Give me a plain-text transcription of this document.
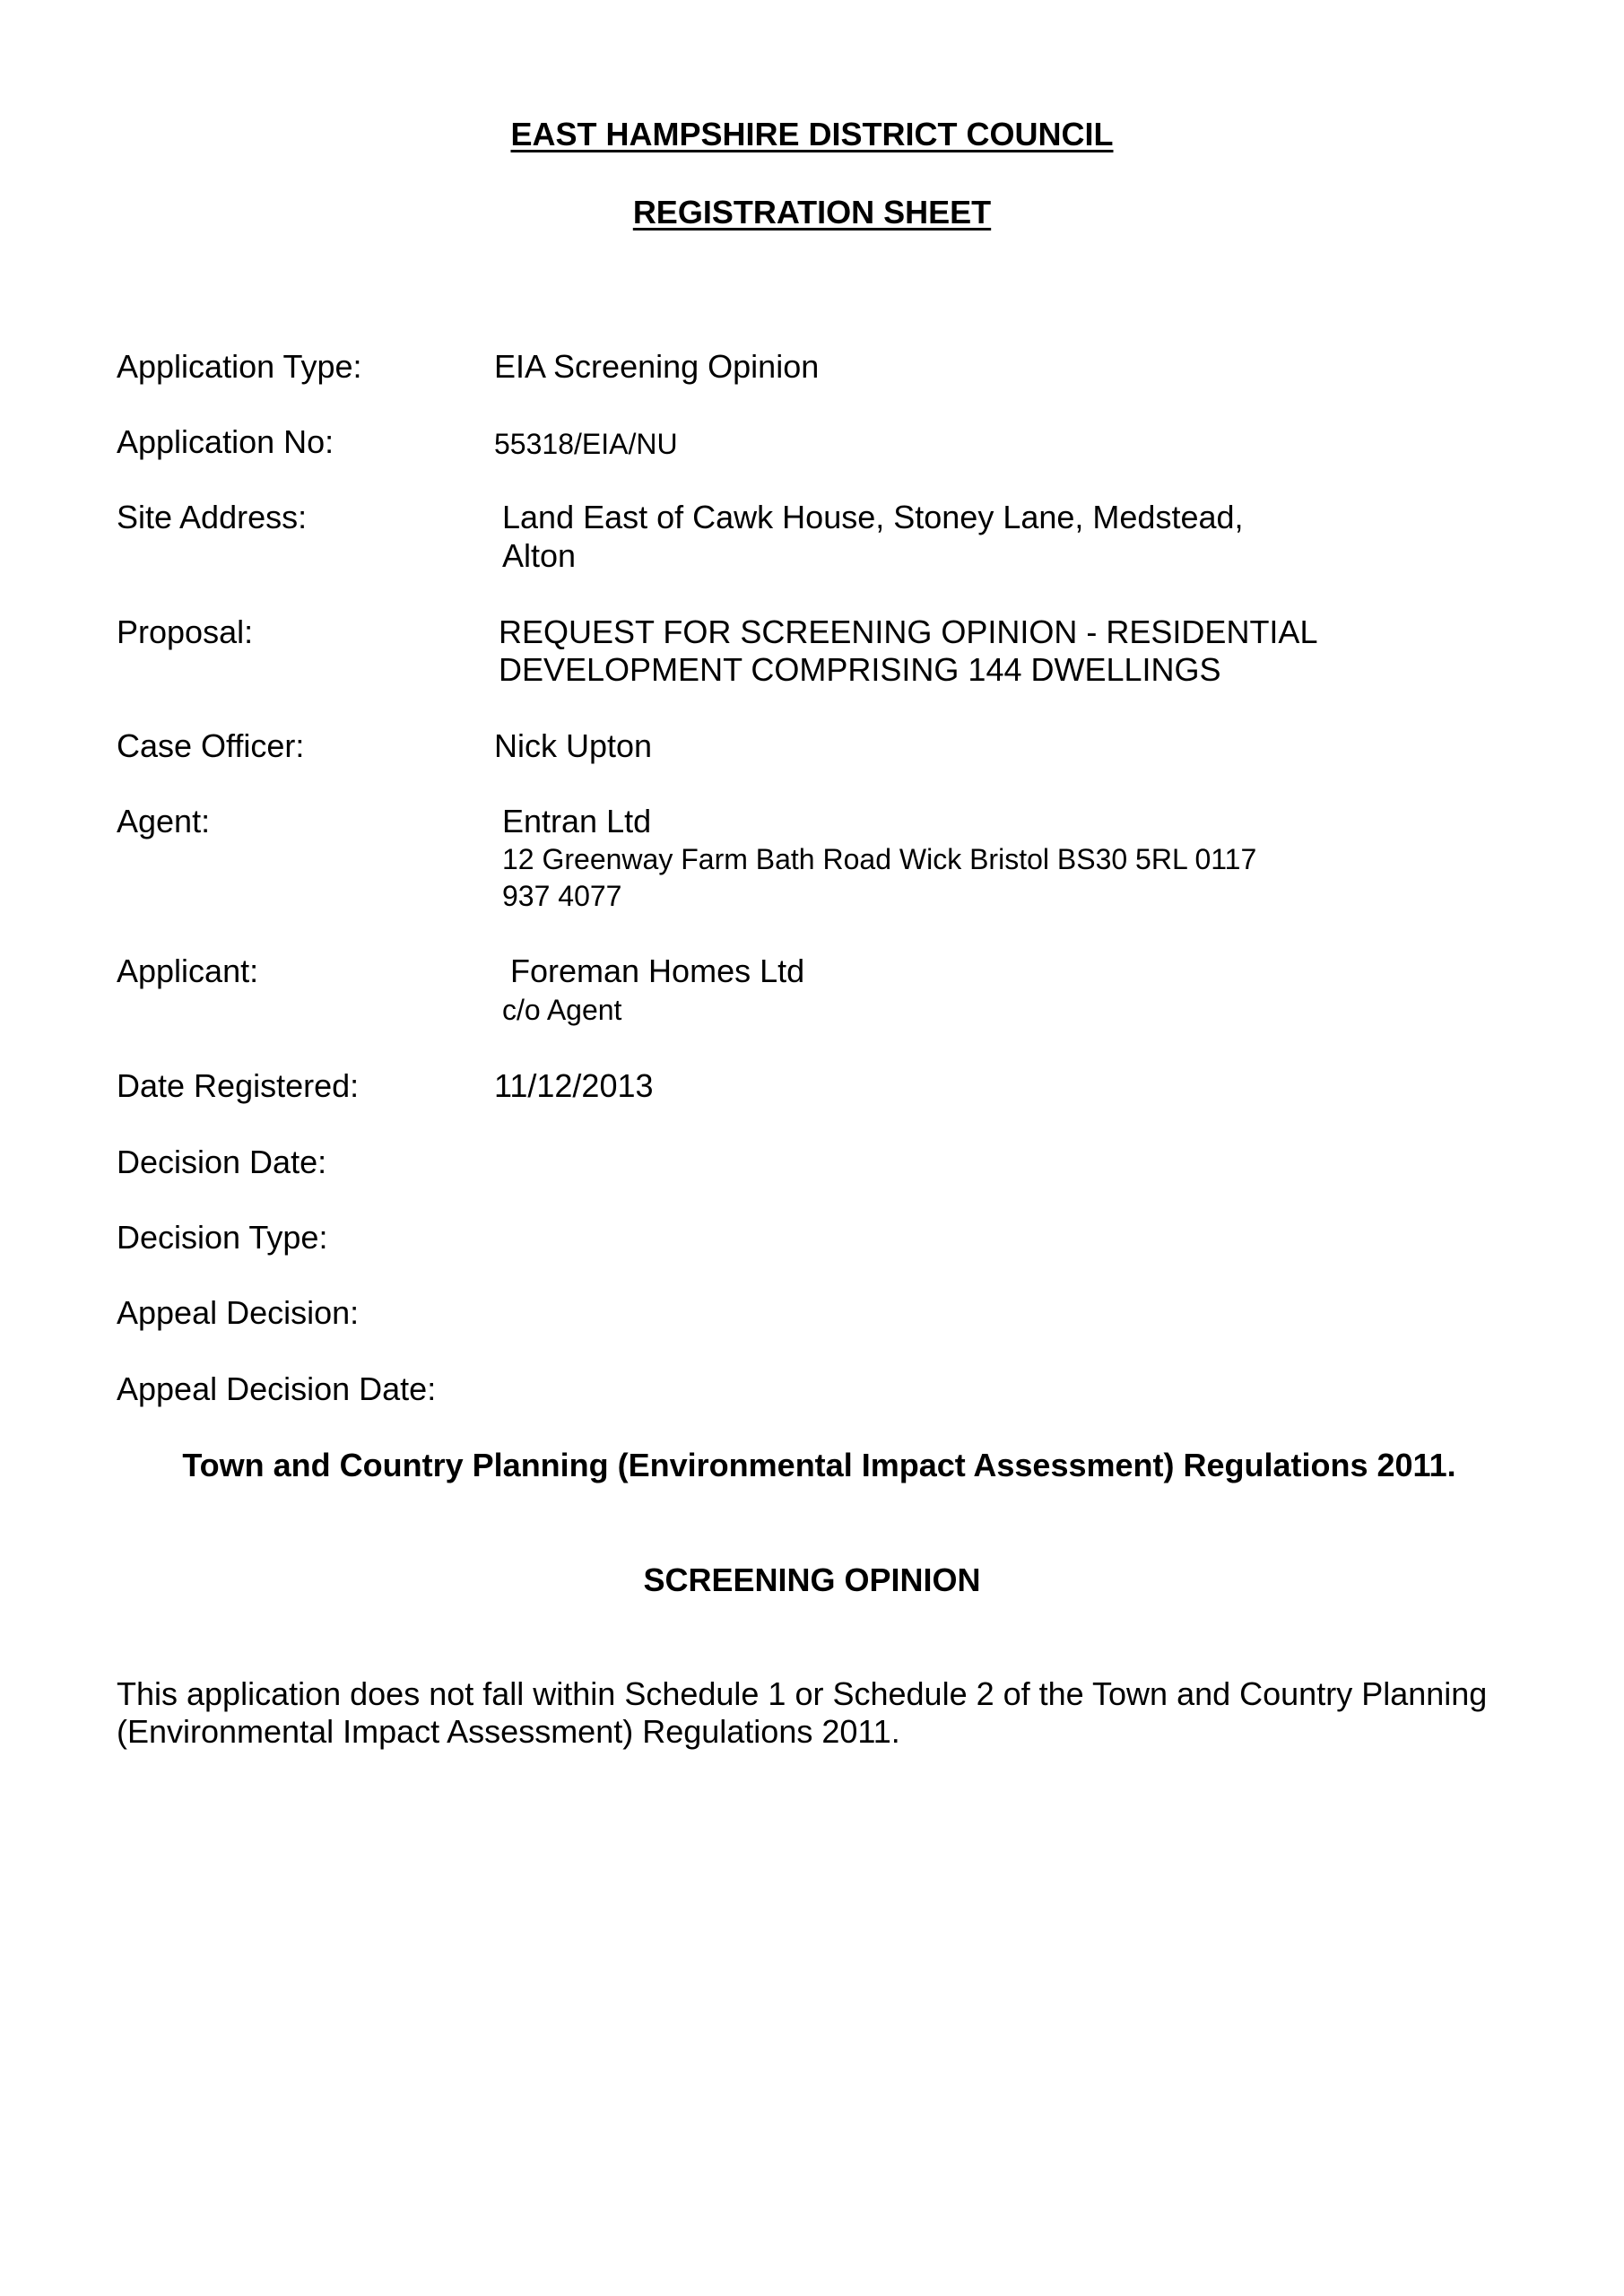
EAST HAMPSHIRE DISTRICT COUNCIL
REGISTRATION SHEET
Application Type:	EIA Screening Opinion
Application No:	55318/EIA/NU
Site Address:	Land East of Cawk House, Stoney Lane, Medstead,
Alton
Proposal:	REQUEST FOR SCREENING OPINION - RESIDENTIAL
DEVELOPMENT COMPRISING 144 DWELLINGS
Case Officer:	Nick Upton
Agent:	Entran Ltd
12 Greenway Farm Bath Road Wick Bristol BS30 5RL 0117
937 4077
Applicant:	Foreman Homes Ltd
c/o Agent
Date Registered:	11/12/2013
Decision Date:
Decision Type:
Appeal Decision:
Appeal Decision Date:
Town and Country Planning (Environmental Impact Assessment) Regulations 2011.
SCREENING OPINION
This application does not fall within Schedule 1 or Schedule 2 of the Town and Country Planning
(Environmental Impact Assessment) Regulations 2011.
